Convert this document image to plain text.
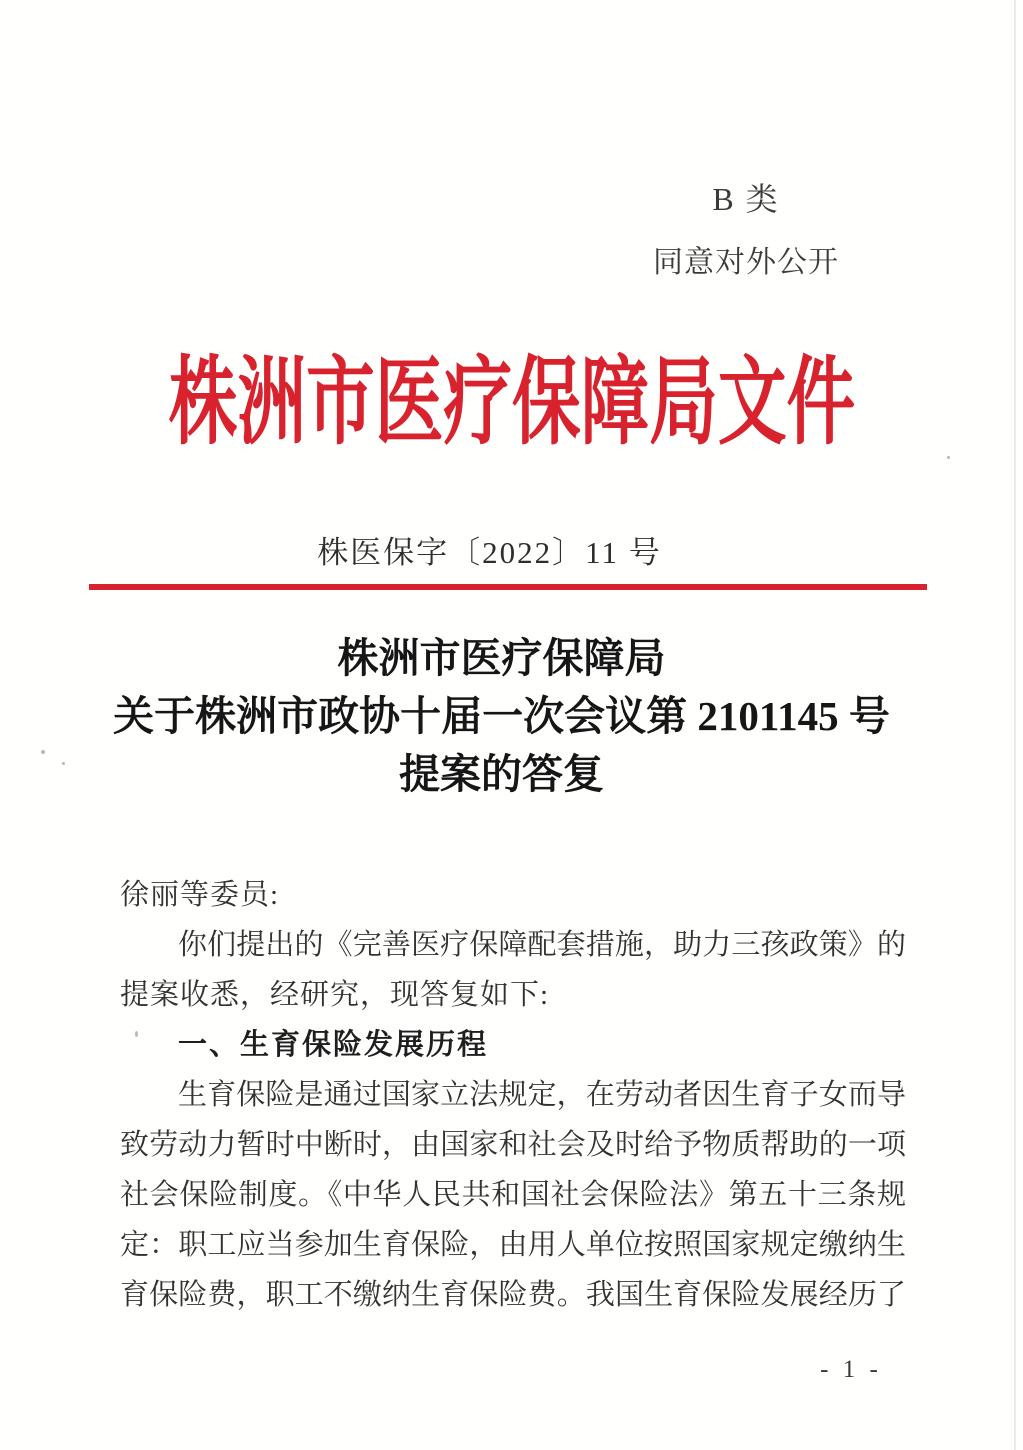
B 类
同意对外公开
株洲市医疗保障局文件
株医保字〔2022〕11 号
株洲市医疗保障局
关于株洲市政协十届一次会议第 2101145 号
提案的答复
徐丽等委员:
你们提出的《完善医疗保障配套措施，助力三孩政策》的
提案收悉，经研究，现答复如下:
一、生育保险发展历程
生育保险是通过国家立法规定，在劳动者因生育子女而导
致劳动力暂时中断时，由国家和社会及时给予物质帮助的一项
社会保险制度。《中华人民共和国社会保险法》第五十三条规
定：职工应当参加生育保险，由用人单位按照国家规定缴纳生
育保险费，职工不缴纳生育保险费。我国生育保险发展经历了
- 1 -
